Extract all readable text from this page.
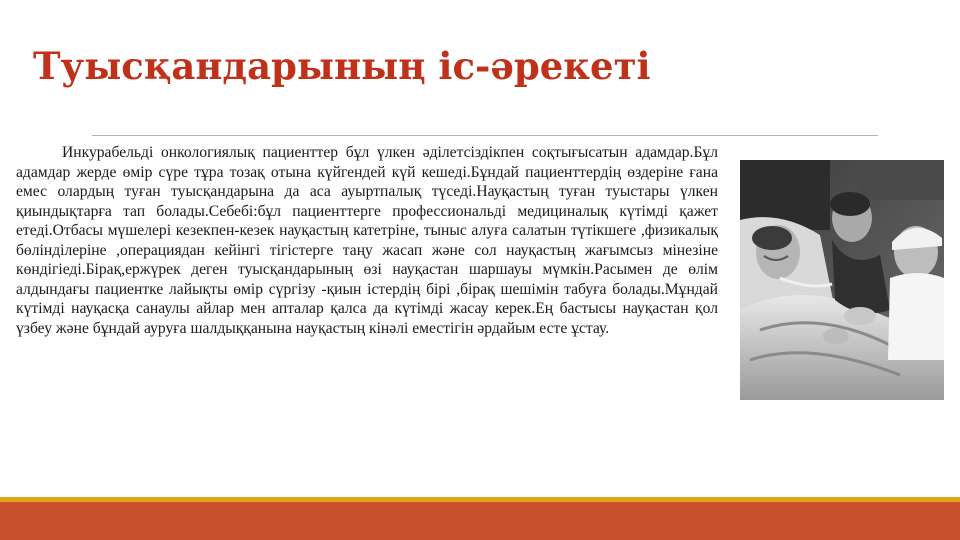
Туысқандарының іс-әрекеті

Инкурабельді онкологиялық пациенттер бұл үлкен әділетсіздікпен соқтығысатын адамдар.Бұл адамдар жерде өмір сүре тұра тозақ отына күйгендей күй кешеді.Бұндай пациенттердің өздеріне ғана емес олардың туған туысқандарына да аса ауыртпалық түседі.Науқастың туған туыстары үлкен қиындықтарға тап болады.Себебі:бұл пациенттерге профессиональді медициналық күтімді қажет етеді.Отбасы мүшелері кезекпен-кезек науқастың катетріне, тыныс алуға салатын түтікшеге ,физикалық бөлінділеріне ,операциядан кейінгі тігістерге таңу жасап және сол науқастың жағымсыз мінезіне көндігіеді.Бірақ,ержүрек деген туысқандарының өзі науқастан шаршауы мүмкін.Расымен де өлім алдындағы пациентке лайықты өмір сүргізу -қиын істердің бірі ,бірақ шешімін табуға болады.Мұндай күтімді науқасқа санаулы айлар мен апталар қалса да күтімді жасау керек.Ең бастысы науқастан қол үзбеу және бұндай ауруға шалдыққанына науқастың кінәлі еместігін әрдайым есте ұстау.
